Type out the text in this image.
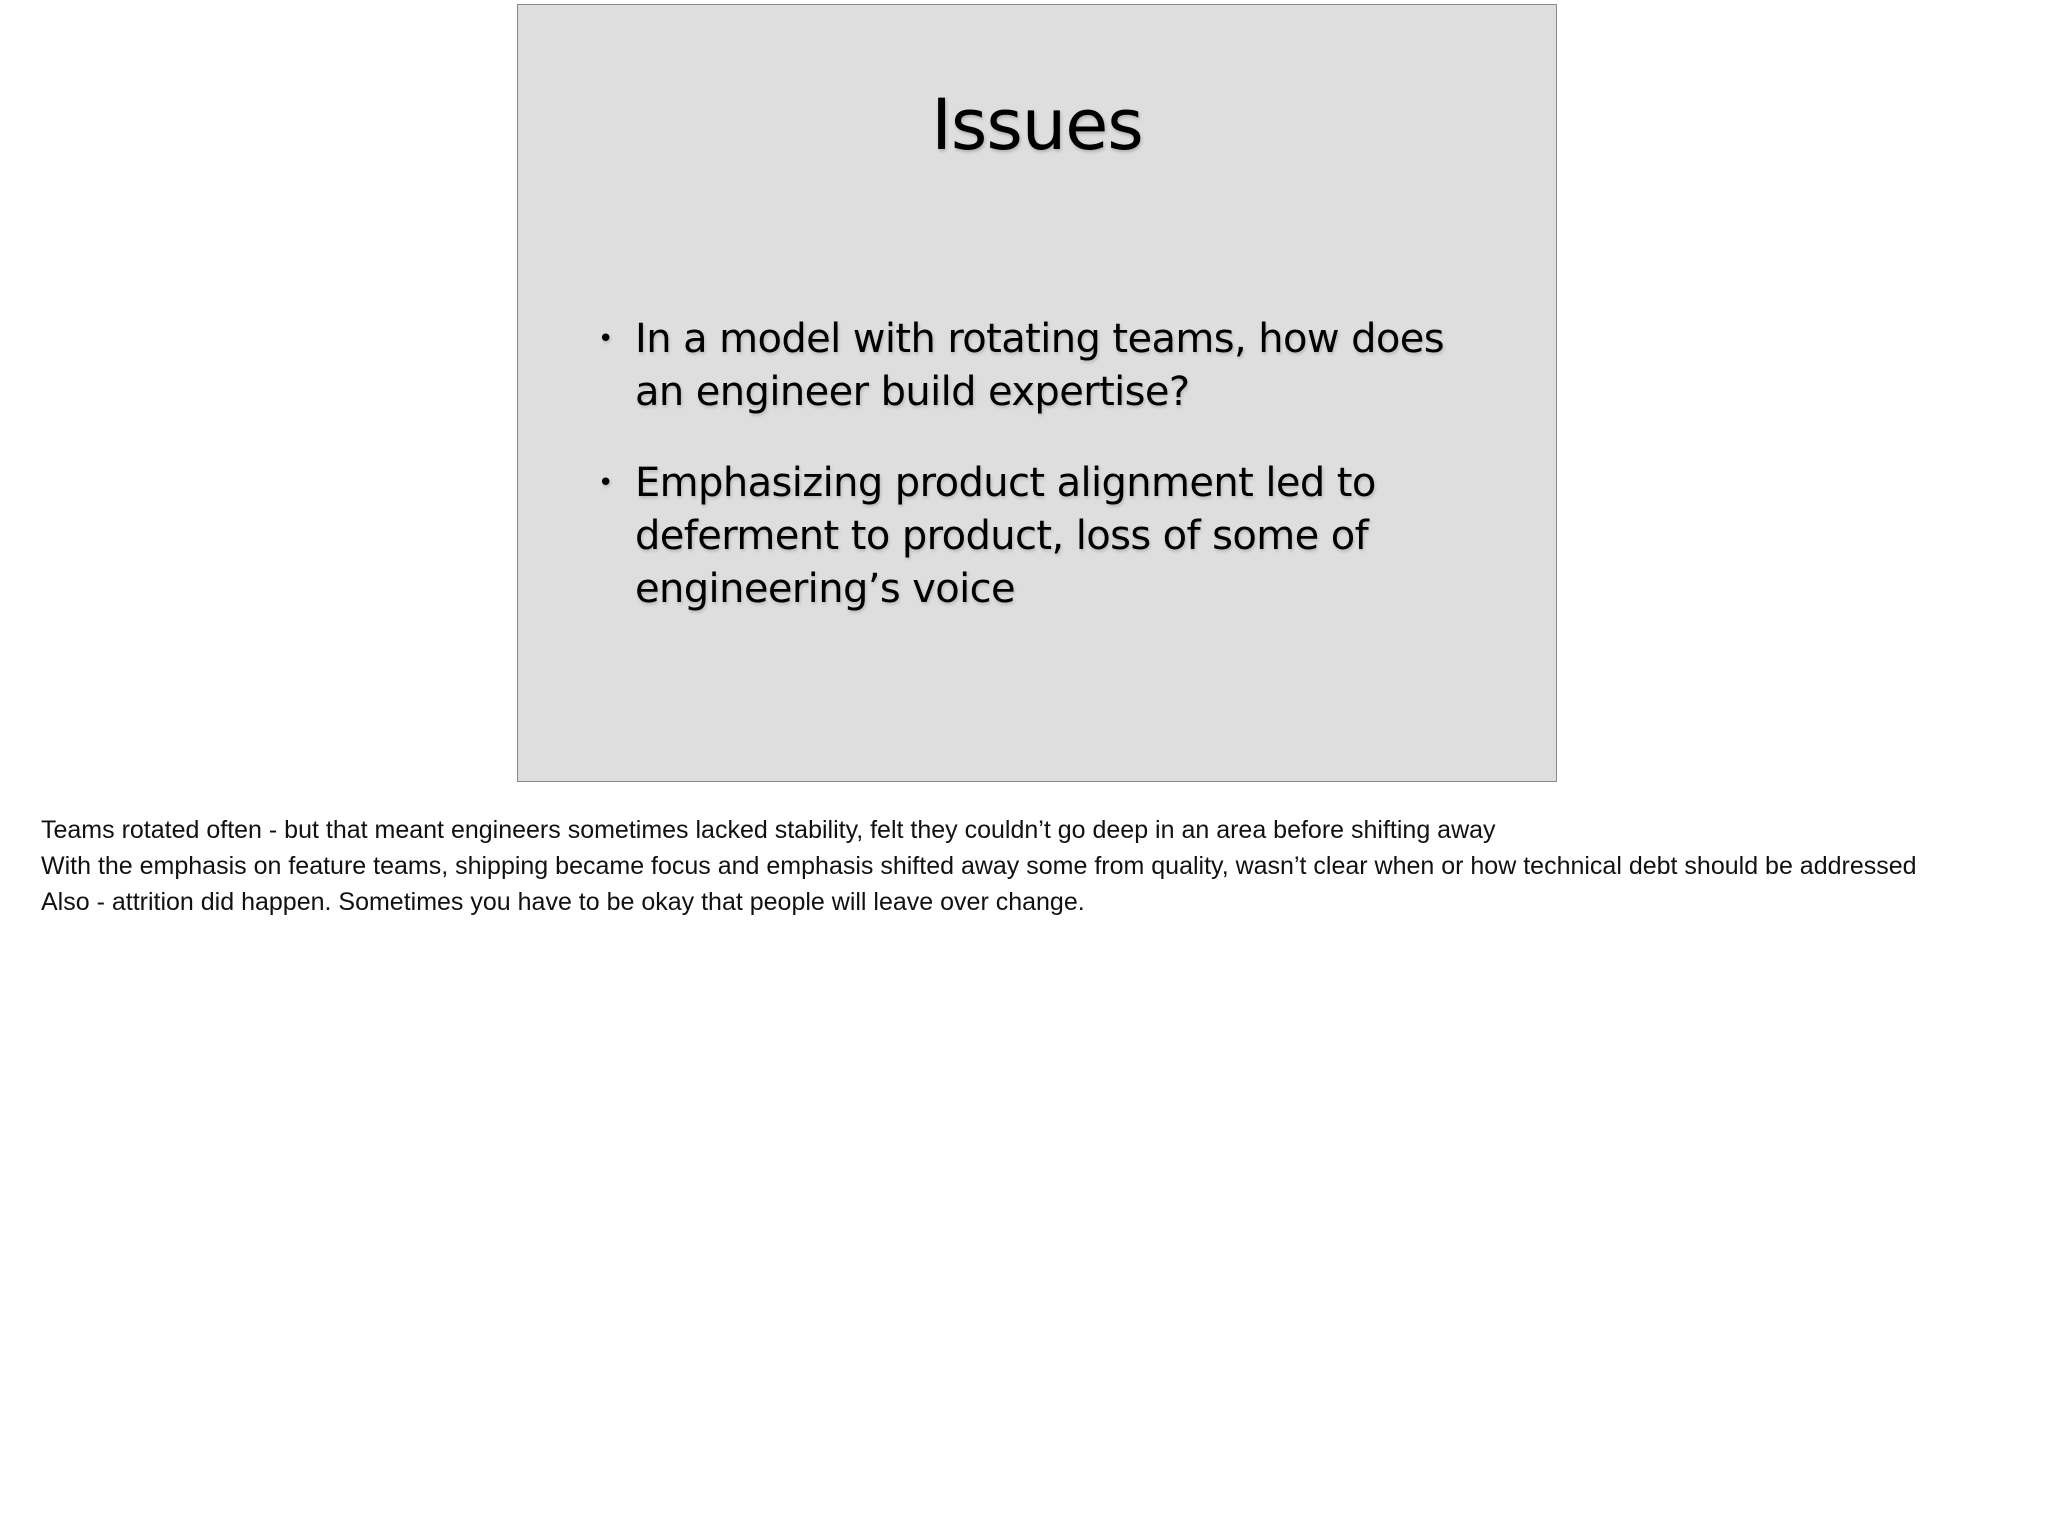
Issues
• In a model with rotating teams, how does an engineer build expertise?
• Emphasizing product alignment led to deferment to product, loss of some of engineering’s voice

Teams rotated often - but that meant engineers sometimes lacked stability, felt they couldn’t go deep in an area before shifting away

With the emphasis on feature teams, shipping became focus and emphasis shifted away some from quality, wasn’t clear when or how technical debt should be addressed

Also - attrition did happen. Sometimes you have to be okay that people will leave over change.
